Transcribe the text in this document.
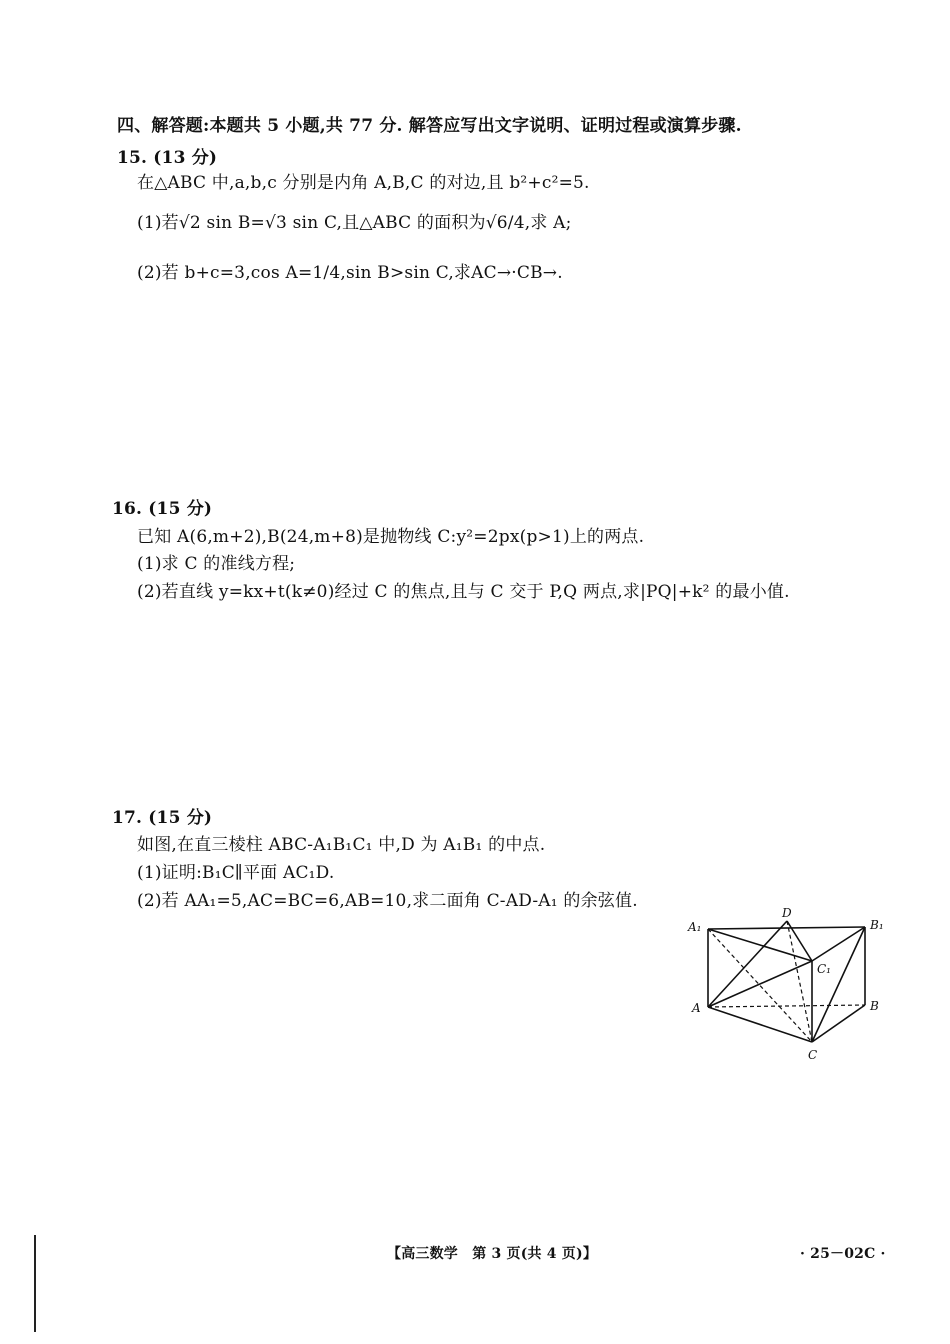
四、解答题:本题共 5 小题,共 77 分. 解答应写出文字说明、证明过程或演算步骤.
15. (13 分)
在△ABC 中,a,b,c 分别是内角 A,B,C 的对边,且 b²+c²=5.
(1)若√2 sin B=√3 sin C,且△ABC 的面积为√6/4,求 A;
(2)若 b+c=3,cos A=1/4,sin B>sin C,求AC→·CB→.
16. (15 分)
已知 A(6,m+2),B(24,m+8)是抛物线 C:y²=2px(p>1)上的两点.
(1)求 C 的准线方程;
(2)若直线 y=kx+t(k≠0)经过 C 的焦点,且与 C 交于 P,Q 两点,求|PQ|+k² 的最小值.
17. (15 分)
如图,在直三棱柱 ABC-A₁B₁C₁ 中,D 为 A₁B₁ 的中点.
(1)证明:B₁C∥平面 AC₁D.
(2)若 AA₁=5,AC=BC=6,AB=10,求二面角 C-AD-A₁ 的余弦值.
A₁
D
B₁
C₁
A	B
C
【高三数学　第 3 页(共 4 页)】	· 25－02C ·
